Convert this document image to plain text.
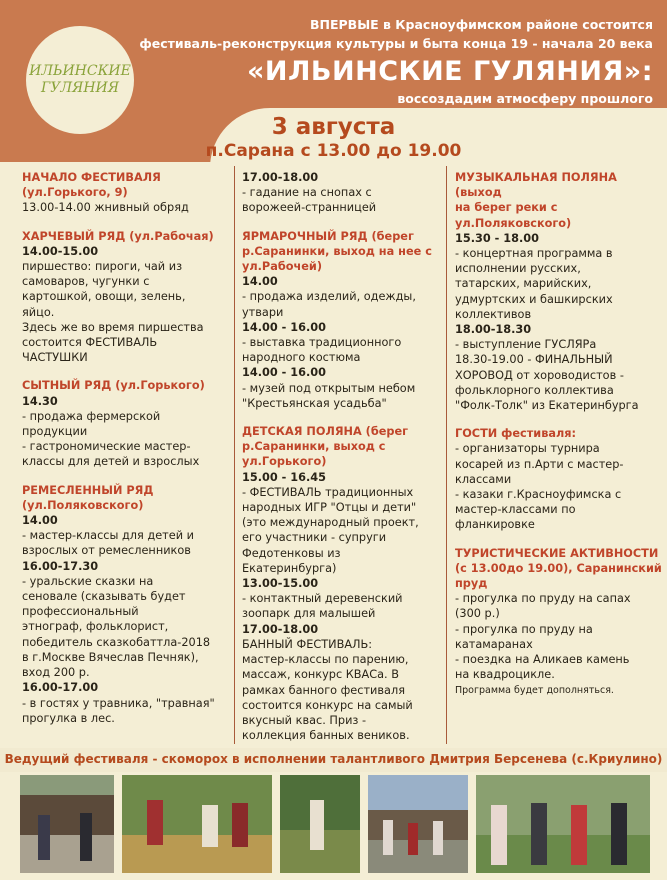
ИЛЬИНСКИЕ
ГУЛЯНИЯ
ВПЕРВЫЕ в Красноуфимском районе состоится
фестиваль-реконструкция культуры и быта конца 19 - начала 20 века
«ИЛЬИНСКИЕ ГУЛЯНИЯ»:
воссоздадим атмосферу прошлого
3 августа
п.Сарана с 13.00 до 19.00

НАЧАЛО ФЕСТИВАЛЯ

(ул.Горького, 9)

13.00-14.00 жнивный обряд

ХАРЧЕВЫЙ РЯД (ул.Рабочая)

14.00-15.00

пиршество: пироги, чай из

самоваров, чугунки с

картошкой, овощи, зелень,

яйцо.

Здесь же во время пиршества

состоится ФЕСТИВАЛЬ

ЧАСТУШКИ

СЫТНЫЙ РЯД (ул.Горького)

14.30

- продажа фермерской

продукции

- гастрономические мастер-

классы для детей и взрослых

РЕМЕСЛЕННЫЙ РЯД

(ул.Поляковского)

14.00

- мастер-классы для детей и

взрослых от ремесленников

16.00-17.30

- уральские сказки на

сеновале (сказывать будет

профессиональный

этнограф, фольклорист,

победитель сказкобаттла-2018

в г.Москве Вячеслав Печняк),

вход 200 р.

16.00-17.00

- в гостях у травника, "травная"

прогулка в лес.

17.00-18.00

- гадание на снопах с

ворожеей-странницей

ЯРМАРОЧНЫЙ РЯД (берег

р.Саранинки, выход на нее с

ул.Рабочей)

14.00

- продажа изделий, одежды,

утвари

14.00 - 16.00

- выставка традиционного

народного костюма

14.00 - 16.00

- музей под открытым небом

"Крестьянская усадьба"

ДЕТСКАЯ ПОЛЯНА (берег

р.Саранинки, выход с

ул.Горького)

15.00 - 16.45

- ФЕСТИВАЛЬ традиционных

народных ИГР "Отцы и дети"

(это международный проект,

его участники - супруги

Федотенковы из

Екатеринбурга)

13.00-15.00

- контактный деревенский

зоопарк для малышей

17.00-18.00

БАННЫЙ ФЕСТИВАЛЬ:

мастер-классы по парению,

массаж, конкурс КВАСа. В

рамках банного фестиваля

состоится конкурс на самый

вкусный квас. Приз -

коллекция банных веников.

МУЗЫКАЛЬНАЯ ПОЛЯНА (выход

на берег реки с

ул.Поляковского)

15.30 - 18.00

- концертная программа в

исполнении русских,

татарских, марийских,

удмуртских и башкирских

коллективов

18.00-18.30

- выступление ГУСЛЯРа

18.30-19.00 - ФИНАЛЬНЫЙ

ХОРОВОД от хороводистов -

фольклорного коллектива

"Фолк-Толк" из Екатеринбурга

ГОСТИ фестиваля:

- организаторы турнира

косарей из п.Арти с мастер-

классами

- казаки г.Красноуфимска с

мастер-классами по

фланкировке

ТУРИСТИЧЕСКИЕ АКТИВНОСТИ

(с 13.00до 19.00), Саранинский

пруд

- прогулка по пруду на сапах

(300 р.)

- прогулка по пруду на

катамаранах

- поездка на Аликаев камень

на квадроцикле.

Программа будет дополняться.

Ведущий фестиваля - скоморох в исполнении талантливого Дмитрия Берсенева (с.Криулино)
